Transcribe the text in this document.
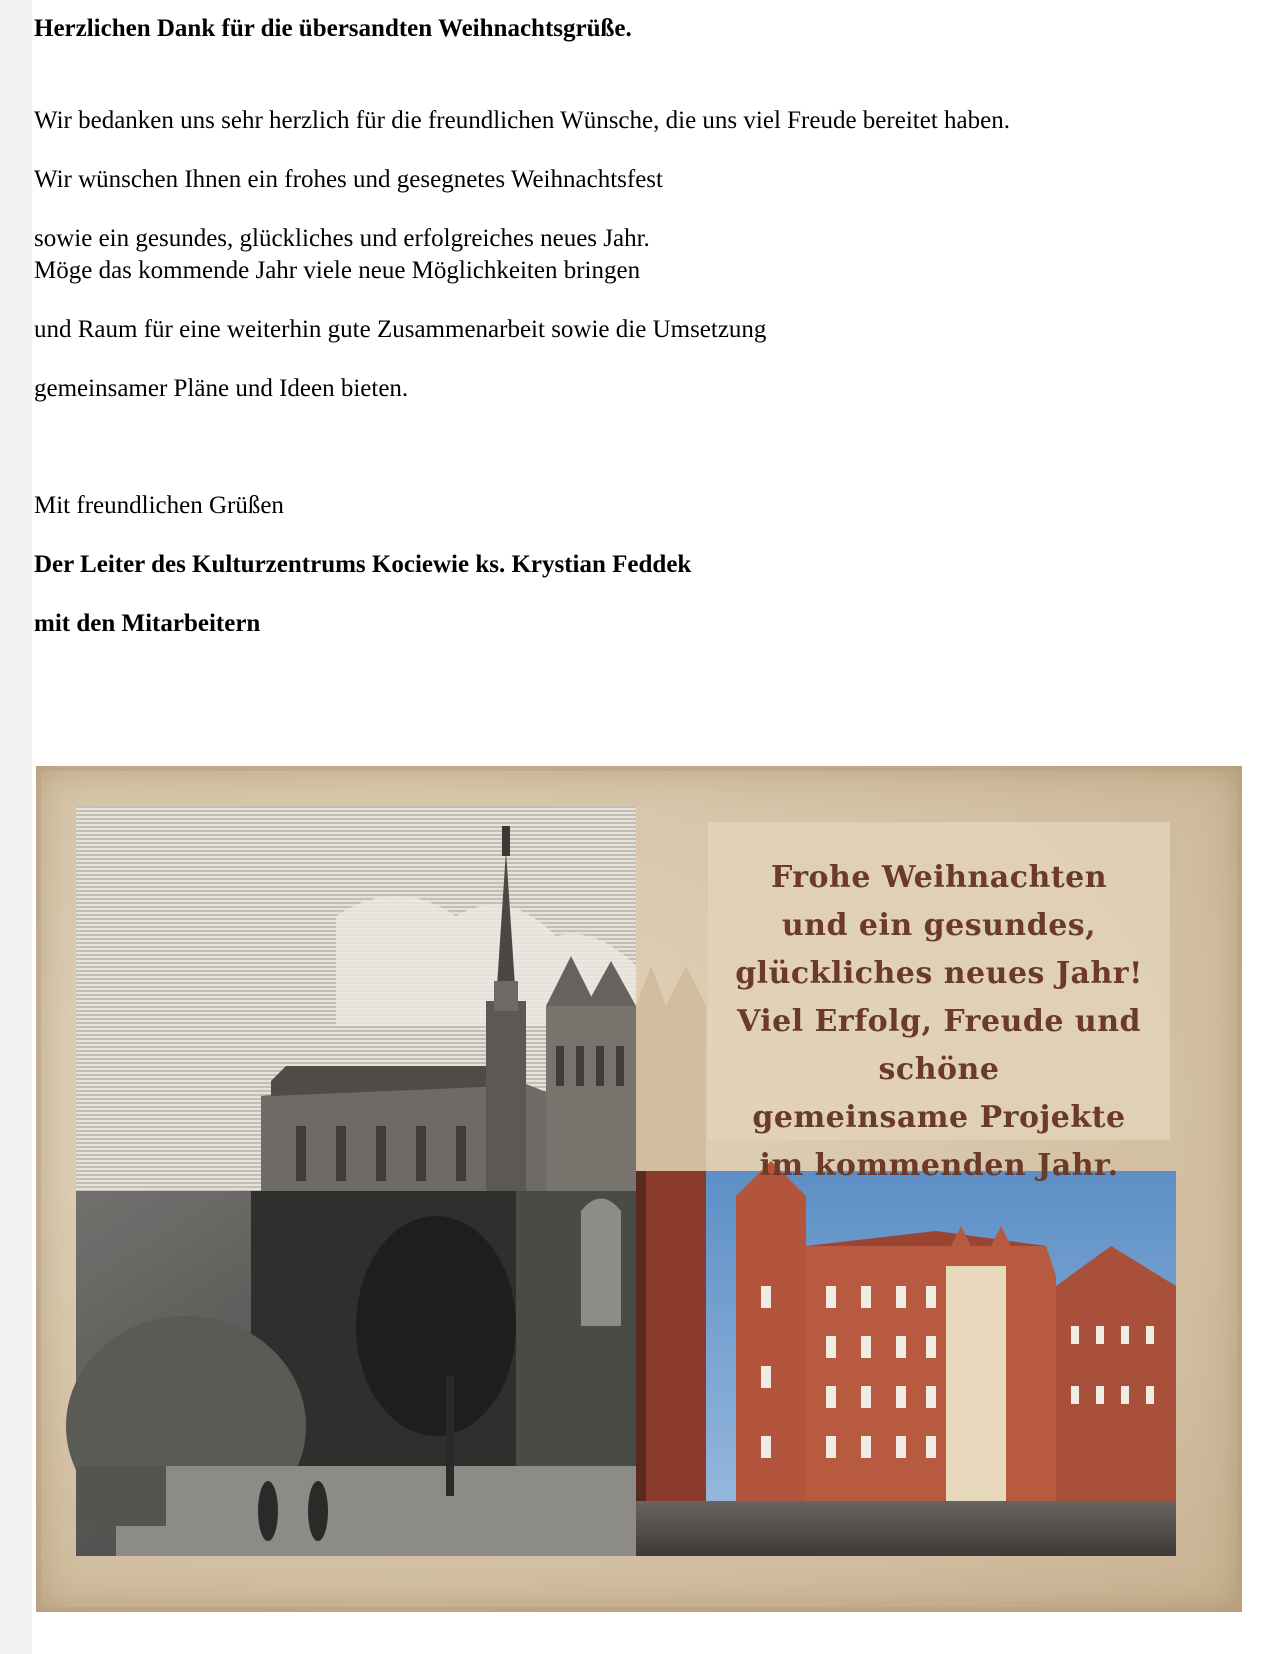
Herzlichen Dank für die übersandten Weihnachtsgrüße.
Wir bedanken uns sehr herzlich für die freundlichen Wünsche, die uns viel Freude bereitet haben.
Wir wünschen Ihnen ein frohes und gesegnetes Weihnachtsfest
sowie ein gesundes, glückliches und erfolgreiches neues Jahr.
Möge das kommende Jahr viele neue Möglichkeiten bringen
und Raum für eine weiterhin gute Zusammenarbeit sowie die Umsetzung
gemeinsamer Pläne und Ideen bieten.
Mit freundlichen Grüßen
Der Leiter des Kulturzentrums Kociewie ks. Krystian Feddek
mit den Mitarbeitern
Frohe Weihnachten
und ein gesundes,
glückliches neues Jahr!
Viel Erfolg, Freude und schöne
gemeinsame Projekte
im kommenden Jahr.
